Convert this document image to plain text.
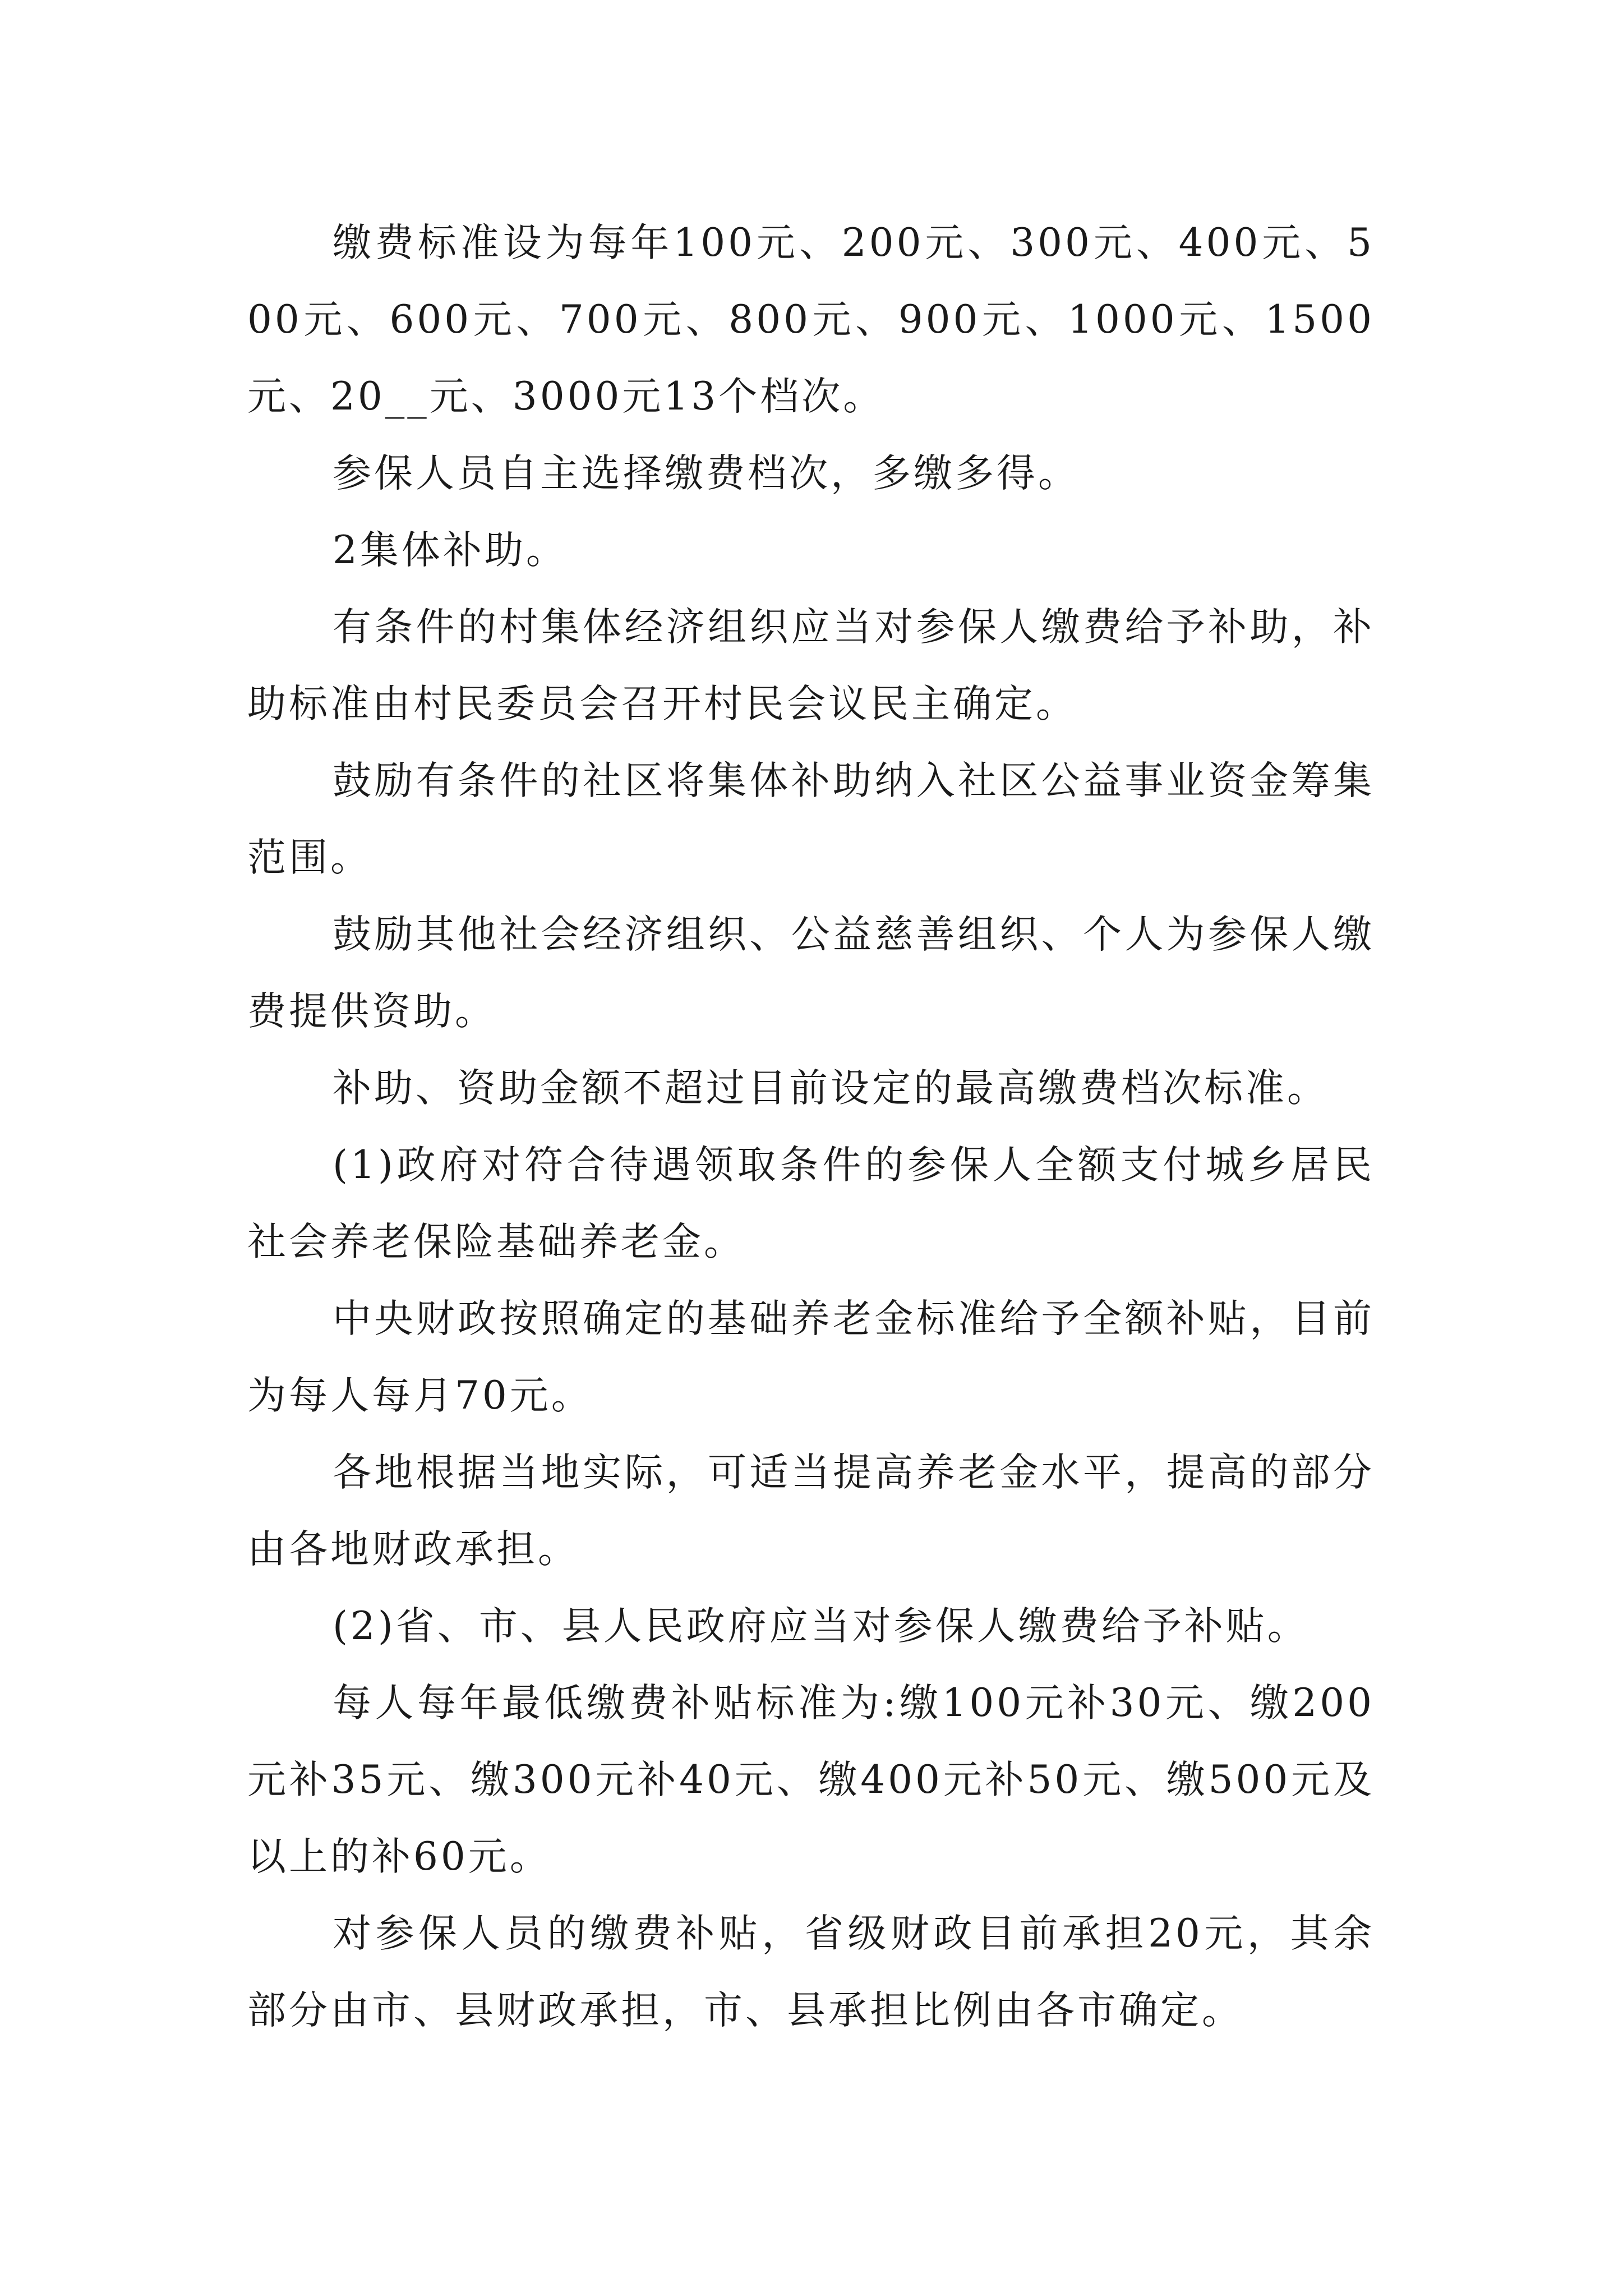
缴费标准设为每年100元、200元、300元、400元、500元、600元、700元、800元、900元、1000元、1500元、20__元、3000元13个档次。

参保人员自主选择缴费档次，多缴多得。

2集体补助。

有条件的村集体经济组织应当对参保人缴费给予补助，补助标准由村民委员会召开村民会议民主确定。

鼓励有条件的社区将集体补助纳入社区公益事业资金筹集范围。

鼓励其他社会经济组织、公益慈善组织、个人为参保人缴费提供资助。

补助、资助金额不超过目前设定的最高缴费档次标准。

(1)政府对符合待遇领取条件的参保人全额支付城乡居民社会养老保险基础养老金。

中央财政按照确定的基础养老金标准给予全额补贴，目前为每人每月70元。

各地根据当地实际，可适当提高养老金水平，提高的部分由各地财政承担。

(2)省、市、县人民政府应当对参保人缴费给予补贴。

每人每年最低缴费补贴标准为:缴100元补30元、缴200元补35元、缴300元补40元、缴400元补50元、缴500元及以上的补60元。

对参保人员的缴费补贴，省级财政目前承担20元，其余部分由市、县财政承担，市、县承担比例由各市确定。
